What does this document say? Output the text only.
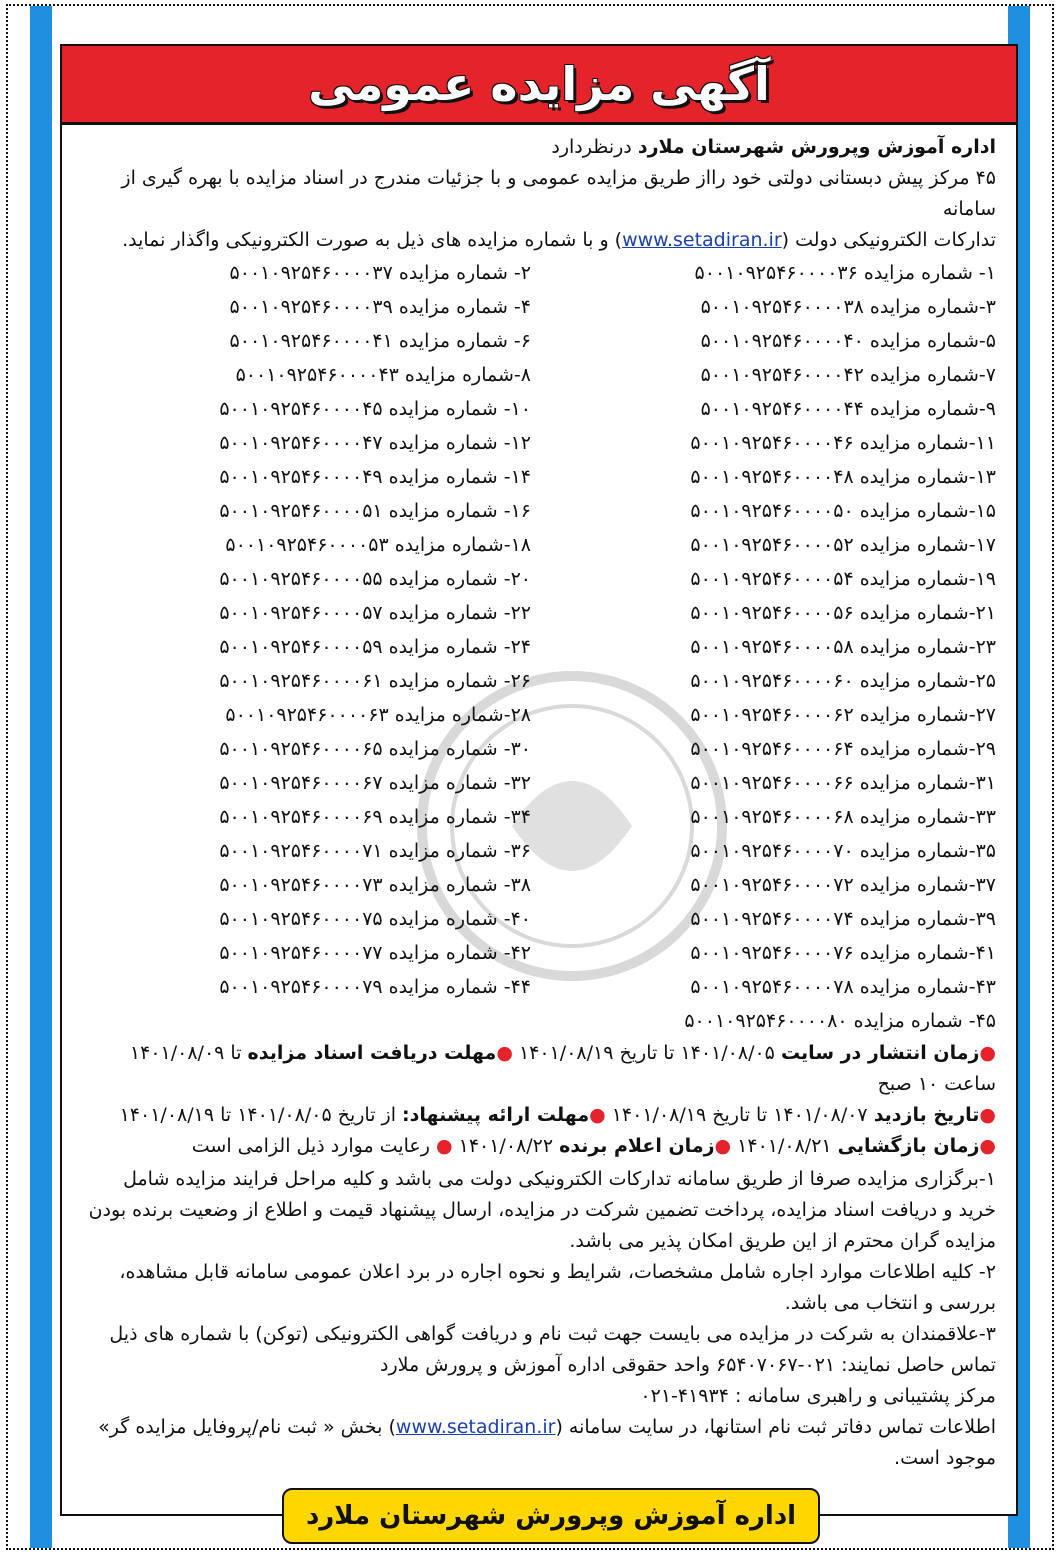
آگهی مزایده عمومی

اداره آموزش وپرورش شهرستان ملارد درنظردارد

۴۵ مرکز پیش دبستانی دولتی خود رااز طریق مزایده عمومی و با جزئیات مندرج در اسناد مزایده با بهره گیری از سامانه

تدارکات الکترونیکی دولت (www.setadiran.ir) و با شماره مزایده های ذیل به صورت الکترونیکی واگذار نماید.

۱- شماره مزایده ۵۰۰۱۰۹۲۵۴۶۰۰۰۰۳۶
۲- شماره مزایده ۵۰۰۱۰۹۲۵۴۶۰۰۰۰۳۷
۳-شماره مزایده ۵۰۰۱۰۹۲۵۴۶۰۰۰۰۳۸
۴- شماره مزایده ۵۰۰۱۰۹۲۵۴۶۰۰۰۰۳۹
۵-شماره مزایده ۵۰۰۱۰۹۲۵۴۶۰۰۰۰۴۰
۶- شماره مزایده ۵۰۰۱۰۹۲۵۴۶۰۰۰۰۴۱
۷-شماره مزایده ۵۰۰۱۰۹۲۵۴۶۰۰۰۰۴۲
۸-شماره مزایده ۵۰۰۱۰۹۲۵۴۶۰۰۰۰۴۳
۹-شماره مزایده ۵۰۰۱۰۹۲۵۴۶۰۰۰۰۴۴
۱۰- شماره مزایده ۵۰۰۱۰۹۲۵۴۶۰۰۰۰۴۵
۱۱-شماره مزایده ۵۰۰۱۰۹۲۵۴۶۰۰۰۰۴۶
۱۲- شماره مزایده ۵۰۰۱۰۹۲۵۴۶۰۰۰۰۴۷
۱۳-شماره مزایده ۵۰۰۱۰۹۲۵۴۶۰۰۰۰۴۸
۱۴- شماره مزایده ۵۰۰۱۰۹۲۵۴۶۰۰۰۰۴۹
۱۵-شماره مزایده ۵۰۰۱۰۹۲۵۴۶۰۰۰۰۵۰
۱۶- شماره مزایده ۵۰۰۱۰۹۲۵۴۶۰۰۰۰۵۱
۱۷-شماره مزایده ۵۰۰۱۰۹۲۵۴۶۰۰۰۰۵۲
۱۸-شماره مزایده ۵۰۰۱۰۹۲۵۴۶۰۰۰۰۵۳
۱۹-شماره مزایده ۵۰۰۱۰۹۲۵۴۶۰۰۰۰۵۴
۲۰- شماره مزایده ۵۰۰۱۰۹۲۵۴۶۰۰۰۰۵۵
۲۱-شماره مزایده ۵۰۰۱۰۹۲۵۴۶۰۰۰۰۵۶
۲۲- شماره مزایده ۵۰۰۱۰۹۲۵۴۶۰۰۰۰۵۷
۲۳-شماره مزایده ۵۰۰۱۰۹۲۵۴۶۰۰۰۰۵۸
۲۴- شماره مزایده ۵۰۰۱۰۹۲۵۴۶۰۰۰۰۵۹
۲۵-شماره مزایده ۵۰۰۱۰۹۲۵۴۶۰۰۰۰۶۰
۲۶- شماره مزایده ۵۰۰۱۰۹۲۵۴۶۰۰۰۰۶۱
۲۷-شماره مزایده ۵۰۰۱۰۹۲۵۴۶۰۰۰۰۶۲
۲۸-شماره مزایده ۵۰۰۱۰۹۲۵۴۶۰۰۰۰۶۳
۲۹-شماره مزایده ۵۰۰۱۰۹۲۵۴۶۰۰۰۰۶۴
۳۰- شماره مزایده ۵۰۰۱۰۹۲۵۴۶۰۰۰۰۶۵
۳۱-شماره مزایده ۵۰۰۱۰۹۲۵۴۶۰۰۰۰۶۶
۳۲- شماره مزایده ۵۰۰۱۰۹۲۵۴۶۰۰۰۰۶۷
۳۳-شماره مزایده ۵۰۰۱۰۹۲۵۴۶۰۰۰۰۶۸
۳۴- شماره مزایده ۵۰۰۱۰۹۲۵۴۶۰۰۰۰۶۹
۳۵-شماره مزایده ۵۰۰۱۰۹۲۵۴۶۰۰۰۰۷۰
۳۶- شماره مزایده ۵۰۰۱۰۹۲۵۴۶۰۰۰۰۷۱
۳۷-شماره مزایده ۵۰۰۱۰۹۲۵۴۶۰۰۰۰۷۲
۳۸- شماره مزایده ۵۰۰۱۰۹۲۵۴۶۰۰۰۰۷۳
۳۹-شماره مزایده ۵۰۰۱۰۹۲۵۴۶۰۰۰۰۷۴
۴۰- شماره مزایده ۵۰۰۱۰۹۲۵۴۶۰۰۰۰۷۵
۴۱-شماره مزایده ۵۰۰۱۰۹۲۵۴۶۰۰۰۰۷۶
۴۲- شماره مزایده ۵۰۰۱۰۹۲۵۴۶۰۰۰۰۷۷
۴۳-شماره مزایده ۵۰۰۱۰۹۲۵۴۶۰۰۰۰۷۸
۴۴- شماره مزایده ۵۰۰۱۰۹۲۵۴۶۰۰۰۰۷۹
۴۵- شماره مزایده ۵۰۰۱۰۹۲۵۴۶۰۰۰۰۸۰

●زمان انتشار در سایت ۱۴۰۱/۰۸/۰۵ تا تاریخ ۱۴۰۱/۰۸/۱۹ ●مهلت دریافت اسناد مزایده تا ۱۴۰۱/۰۸/۰۹ ساعت ۱۰ صبح

●تاریخ بازدید ۱۴۰۱/۰۸/۰۷ تا تاریخ ۱۴۰۱/۰۸/۱۹ ●مهلت ارائه پیشنهاد: از تاریخ ۱۴۰۱/۰۸/۰۵ تا ۱۴۰۱/۰۸/۱۹

●زمان بازگشایی ۱۴۰۱/۰۸/۲۱ ●زمان اعلام برنده ۱۴۰۱/۰۸/۲۲ ● رعایت موارد ذیل الزامی است

۱-برگزاری مزایده صرفا از طریق سامانه تدارکات الکترونیکی دولت می باشد و کلیه مراحل فرایند مزایده شامل خرید و دریافت اسناد مزایده، پرداخت تضمین شرکت در مزایده، ارسال پیشنهاد قیمت و اطلاع از وضعیت برنده بودن مزایده گران محترم از این طریق امکان پذیر می باشد.

۲- کلیه اطلاعات موارد اجاره شامل مشخصات، شرایط و نحوه اجاره در برد اعلان عمومی سامانه قابل مشاهده، بررسی و انتخاب می باشد.

۳-علاقمندان به شرکت در مزایده می بایست جهت ثبت نام و دریافت گواهی الکترونیکی (توکن) با شماره های ذیل تماس حاصل نمایند: ۰۲۱-۶۵۴۰۷۰۶۷ واحد حقوقی اداره آموزش و پرورش ملارد

مرکز پشتیبانی و راهبری سامانه : ۴۱۹۳۴-۰۲۱

اطلاعات تماس دفاتر ثبت نام استانها، در سایت سامانه (www.setadiran.ir) بخش « ثبت نام/پروفایل مزایده گر» موجود است.

اداره آموزش وپرورش شهرستان ملارد
